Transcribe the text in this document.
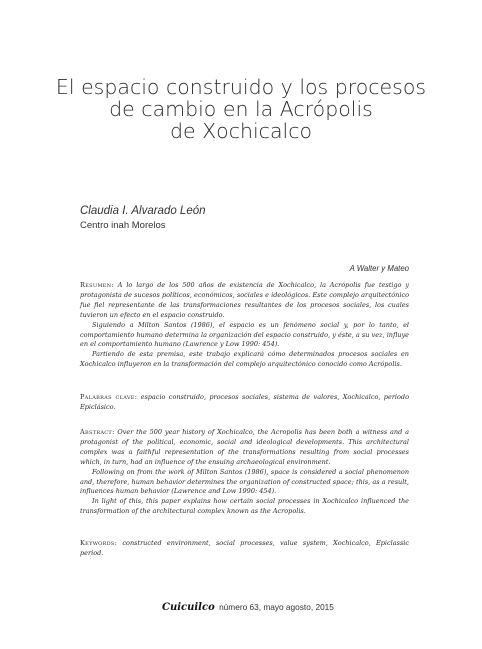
El espacio construido y los procesos
de cambio en la Acrópolis
de Xochicalco
Claudia I. Alvarado León
Centro inah Morelos
A Walter y Mateo

Resumen: A lo largo de los 500 años de existencia de Xochicalco, la Acrópolis fue testigo y protagonista de sucesos políticos, económicos, sociales e ideológicos. Este complejo arquitectónico fue fiel representante de las transformaciones resultantes de los procesos sociales, los cuales tuvieron un efecto en el espacio construido.

Siguiendo a Milton Santos (1986), el espacio es un fenómeno social y, por lo tanto, el comportamiento humano determina la organización del espacio construido, y éste, a su vez, influye en el comportamiento humano (Lawrence y Low 1990: 454).

Partiendo de esta premisa, este trabajo explicará cómo determinados procesos sociales en Xochicalco influyeron en la transformación del complejo arquitectónico conocido como Acrópolis.

Palabras clave: espacio construido, procesos sociales, sistema de valores, Xochicalco, periodo Epiclásico.

Abstract: Over the 500 year history of Xochicalco, the Acropolis has been both a witness and a protagonist of the political, economic, social and ideological developments. This architectural complex was a faithful representation of the transformations resulting from social processes which, in turn, had an influence of the ensuing archaeological environment.

Following on from the work of Milton Santos (1986), space is considered a social phenomenon and, therefore, human behavior determines the organization of constructed space; this, as a result, influences human behavior (Lawrence and Low 1990: 454).

In light of this, this paper explains how certain social processes in Xochicalco influenced the transformation of the architectural complex known as the Acropolis.

Keywords: constructed environment, social processes, value system, Xochicalco, Epiclassic period.

Cuicuilco número 63, mayo agosto, 2015
